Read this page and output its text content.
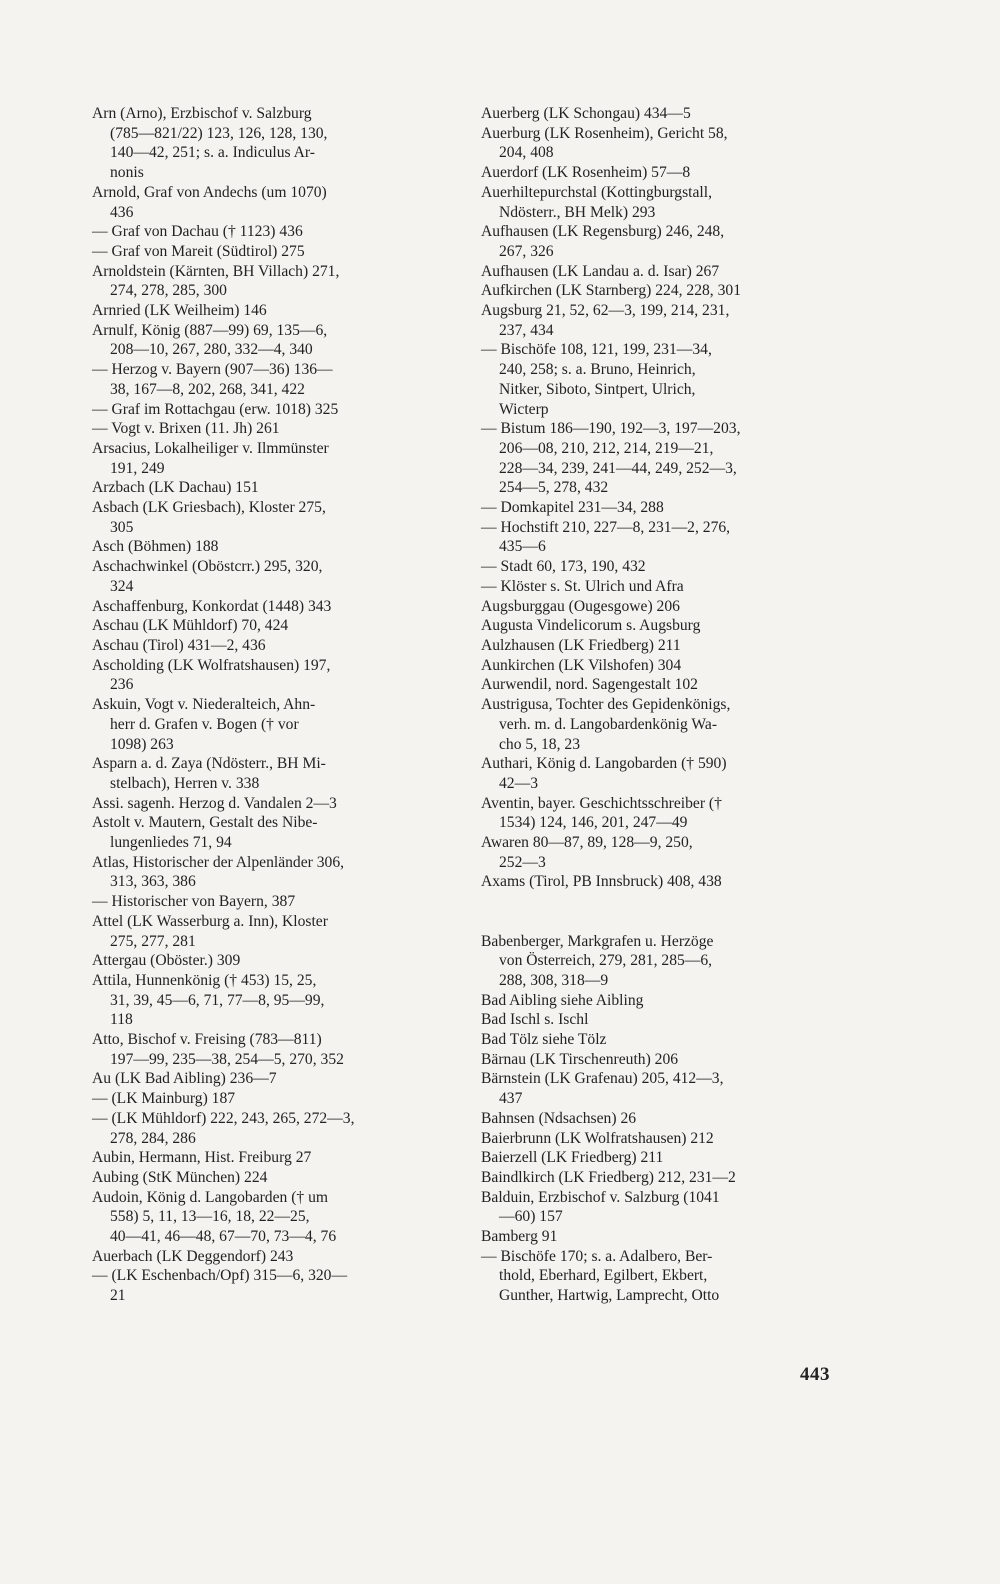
Arn (Arno), Erzbischof v. Salzburg
(785—821/22) 123, 126, 128, 130,
140—42, 251; s. a. Indiculus Ar-
nonis
Arnold, Graf von Andechs (um 1070)
436
— Graf von Dachau († 1123) 436
— Graf von Mareit (Südtirol) 275
Arnoldstein (Kärnten, BH Villach) 271,
274, 278, 285, 300
Arnried (LK Weilheim) 146
Arnulf, König (887—99) 69, 135—6,
208—10, 267, 280, 332—4, 340
— Herzog v. Bayern (907—36) 136—
38, 167—8, 202, 268, 341, 422
— Graf im Rottachgau (erw. 1018) 325
— Vogt v. Brixen (11. Jh) 261
Arsacius, Lokalheiliger v. Ilmmünster
191, 249
Arzbach (LK Dachau) 151
Asbach (LK Griesbach), Kloster 275,
305
Asch (Böhmen) 188
Aschachwinkel (Oböstcrr.) 295, 320,
324
Aschaffenburg, Konkordat (1448) 343
Aschau (LK Mühldorf) 70, 424
Aschau (Tirol) 431—2, 436
Ascholding (LK Wolfratshausen) 197,
236
Askuin, Vogt v. Niederalteich, Ahn-
herr d. Grafen v. Bogen († vor
1098) 263
Asparn a. d. Zaya (Ndösterr., BH Mi-
stelbach), Herren v. 338
Assi. sagenh. Herzog d. Vandalen 2—3
Astolt v. Mautern, Gestalt des Nibe-
lungenliedes 71, 94
Atlas, Historischer der Alpenländer 306,
313, 363, 386
— Historischer von Bayern, 387
Attel (LK Wasserburg a. Inn), Kloster
275, 277, 281
Attergau (Oböster.) 309
Attila, Hunnenkönig († 453) 15, 25,
31, 39, 45—6, 71, 77—8, 95—99,
118
Atto, Bischof v. Freising (783—811)
197—99, 235—38, 254—5, 270, 352
Au (LK Bad Aibling) 236—7
— (LK Mainburg) 187
— (LK Mühldorf) 222, 243, 265, 272—3,
278, 284, 286
Aubin, Hermann, Hist. Freiburg 27
Aubing (StK München) 224
Audoin, König d. Langobarden († um
558) 5, 11, 13—16, 18, 22—25,
40—41, 46—48, 67—70, 73—4, 76
Auerbach (LK Deggendorf) 243
— (LK Eschenbach/Opf) 315—6, 320—
21
Auerberg (LK Schongau) 434—5
Auerburg (LK Rosenheim), Gericht 58,
204, 408
Auerdorf (LK Rosenheim) 57—8
Auerhiltepurchstal (Kottingburgstall,
Ndösterr., BH Melk) 293
Aufhausen (LK Regensburg) 246, 248,
267, 326
Aufhausen (LK Landau a. d. Isar) 267
Aufkirchen (LK Starnberg) 224, 228, 301
Augsburg 21, 52, 62—3, 199, 214, 231,
237, 434
— Bischöfe 108, 121, 199, 231—34,
240, 258; s. a. Bruno, Heinrich,
Nitker, Siboto, Sintpert, Ulrich,
Wicterp
— Bistum 186—190, 192—3, 197—203,
206—08, 210, 212, 214, 219—21,
228—34, 239, 241—44, 249, 252—3,
254—5, 278, 432
— Domkapitel 231—34, 288
— Hochstift 210, 227—8, 231—2, 276,
435—6
— Stadt 60, 173, 190, 432
— Klöster s. St. Ulrich und Afra
Augsburggau (Ougesgowe) 206
Augusta Vindelicorum s. Augsburg
Aulzhausen (LK Friedberg) 211
Aunkirchen (LK Vilshofen) 304
Aurwendil, nord. Sagengestalt 102
Austrigusa, Tochter des Gepidenkönigs,
verh. m. d. Langobardenkönig Wa-
cho 5, 18, 23
Authari, König d. Langobarden († 590)
42—3
Aventin, bayer. Geschichtsschreiber (†
1534) 124, 146, 201, 247—49
Awaren 80—87, 89, 128—9, 250,
252—3
Axams (Tirol, PB Innsbruck) 408, 438
Babenberger, Markgrafen u. Herzöge
von Österreich, 279, 281, 285—6,
288, 308, 318—9
Bad Aibling siehe Aibling
Bad Ischl s. Ischl
Bad Tölz siehe Tölz
Bärnau (LK Tirschenreuth) 206
Bärnstein (LK Grafenau) 205, 412—3,
437
Bahnsen (Ndsachsen) 26
Baierbrunn (LK Wolfratshausen) 212
Baierzell (LK Friedberg) 211
Baindlkirch (LK Friedberg) 212, 231—2
Balduin, Erzbischof v. Salzburg (1041
—60) 157
Bamberg 91
— Bischöfe 170; s. a. Adalbero, Ber-
thold, Eberhard, Egilbert, Ekbert,
Gunther, Hartwig, Lamprecht, Otto
443
